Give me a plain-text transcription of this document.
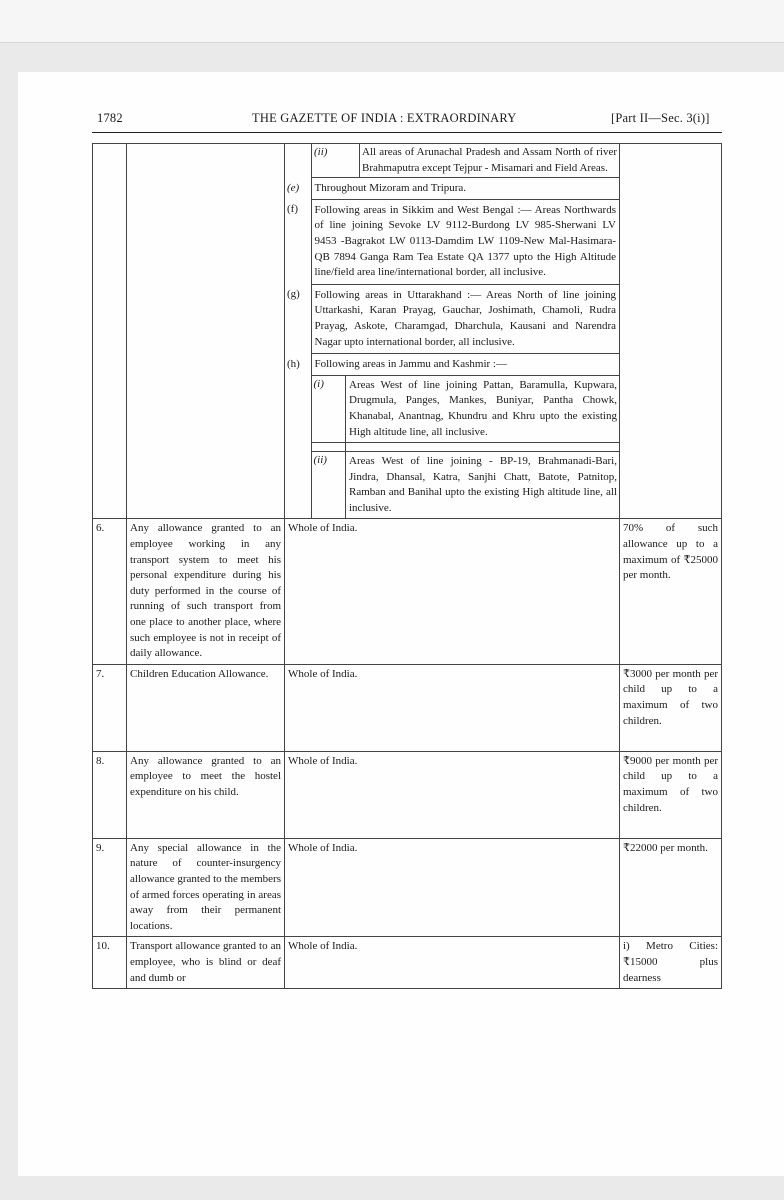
1782	THE GAZETTE OF INDIA : EXTRAORDINARY	[Part II—Sec. 3(i)]

(ii)	All areas of Arunachal Pradesh and Assam North of river Brahmaputra except Tejpur - Misamari and Field Areas.

(e)	Throughout Mizoram and Tripura.
(f)	Following areas in Sikkim and West Bengal :— Areas Northwards of line joining Sevoke LV 9112-Burdong LV 985-Sherwani LV 9453 -Bagrakot LW 0113-Damdim LW 1109-New Mal-Hasimara-QB 7894 Ganga Ram Tea Estate QA 1377 upto the High Altitude line/field area line/international border, all inclusive.
(g)	Following areas in Uttarakhand :— Areas North of line joining Uttarkashi, Karan Prayag, Gauchar, Joshimath, Chamoli, Rudra Prayag, Askote, Charamgad, Dharchula, Kausani and Narendra Nagar upto international border, all inclusive.
(h)	Following areas in Jammu and Kashmir :—
(i)	Areas West of line joining Pattan, Baramulla, Kupwara, Drugmula, Panges, Mankes, Buniyar, Pantha Chowk, Khanabal, Anantnag, Khundru and Khru upto the existing High altitude line, all inclusive.

(ii)	Areas West of line joining - BP-19, Brahmanadi-Bari, Jindra, Dhansal, Katra, Sanjhi Chatt, Batote, Patnitop, Ramban and Banihal upto the existing High altitude line, all inclusive.

6.	Any allowance granted to an employee working in any transport system to meet his personal expenditure during his duty performed in the course of running of such transport from one place to another place, where such employee is not in receipt of daily allowance.	Whole of India.	70% of such allowance up to a maximum of ₹25000 per month.
7.	Children Education Allowance.	Whole of India.	₹3000 per month per child up to a maximum of two children.
8.	Any allowance granted to an employee to meet the hostel expenditure on his child.	Whole of India.	₹9000 per month per child up to a maximum of two children.
9.	Any special allowance in the nature of counter-insurgency allowance granted to the members of armed forces operating in areas away from their permanent locations.	Whole of India.	₹22000 per month.
10.	Transport allowance granted to an employee, who is blind or deaf and dumb or	Whole of India.	i) Metro Cities: ₹15000 plus dearness
